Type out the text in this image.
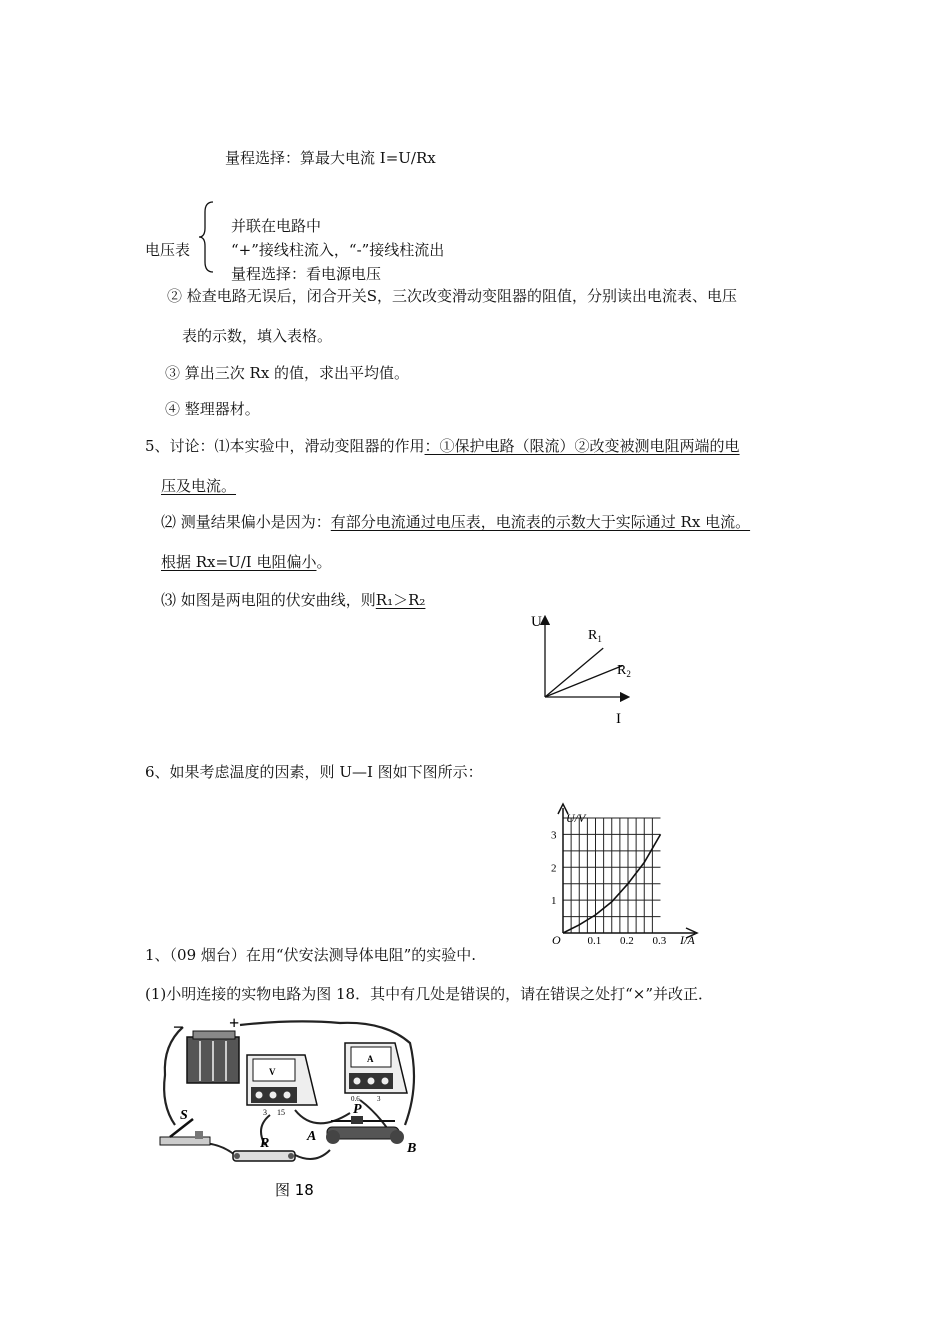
量程选择：算最大电流 I=U/Rx
电压表
并联在电路中
“+”接线柱流入，“-”接线柱流出
量程选择：看电源电压
② 检查电路无误后，闭合开关S，三次改变滑动变阻器的阻值，分别读出电流表、电压
表的示数，填入表格。
③ 算出三次 Rx 的值，求出平均值。
④ 整理器材。
5、讨论：⑴本实验中，滑动变阻器的作用：①保护电路（限流）②改变被测电阻两端的电
压及电流。
⑵ 测量结果偏小是因为：有部分电流通过电压表，电流表的示数大于实际通过 Rx 电流。
根据 Rx=U/I 电阻偏小。
⑶ 如图是两电阻的伏安曲线，则R₁＞R₂
U
I
$R_1$
$R_2$
6、如果考虑温度的因素，则 U—I 图如下图所示：
0.1 0.2 0.3
1
2
3
U/V
I/A
O
1、（09 烟台）在用“伏安法测导体电阻”的实验中.
(1)小明连接的实物电路为图 18．其中有几处是错误的，请在错误之处打“×”并改正．
−	+
V
3 15
A
0.6 3
S
R
P
A
B
图 18
